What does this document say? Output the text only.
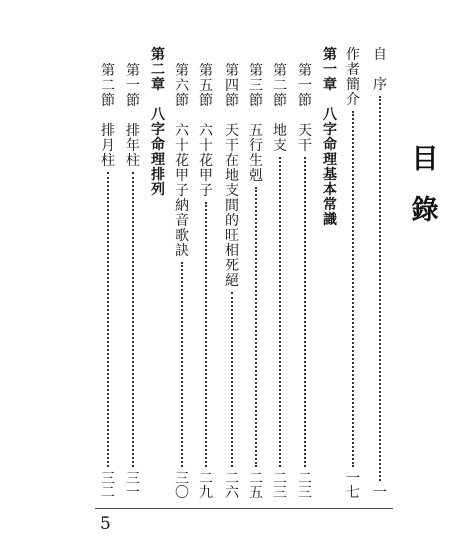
目
錄
自

序
一
作
者
簡
介
一
七
第
一
章

八
字
命
理
基
本
常
識
第
一
節

天
干
二
三
第
二
節

地
支
二
三
第
三
節

五
行
生
剋
二
五
第
四
節

天
干
在
地
支
間
的
旺
相
死
絕
二
六
第
五
節

六
十
花
甲
子
二
九
第
六
節

六
十
花
甲
子
納
音
歌
訣
三
〇
第
二
章

八
字
命
理
排
列
第
一
節

排
年
柱
三
一
第
二
節

排
月
柱
三
二
5
